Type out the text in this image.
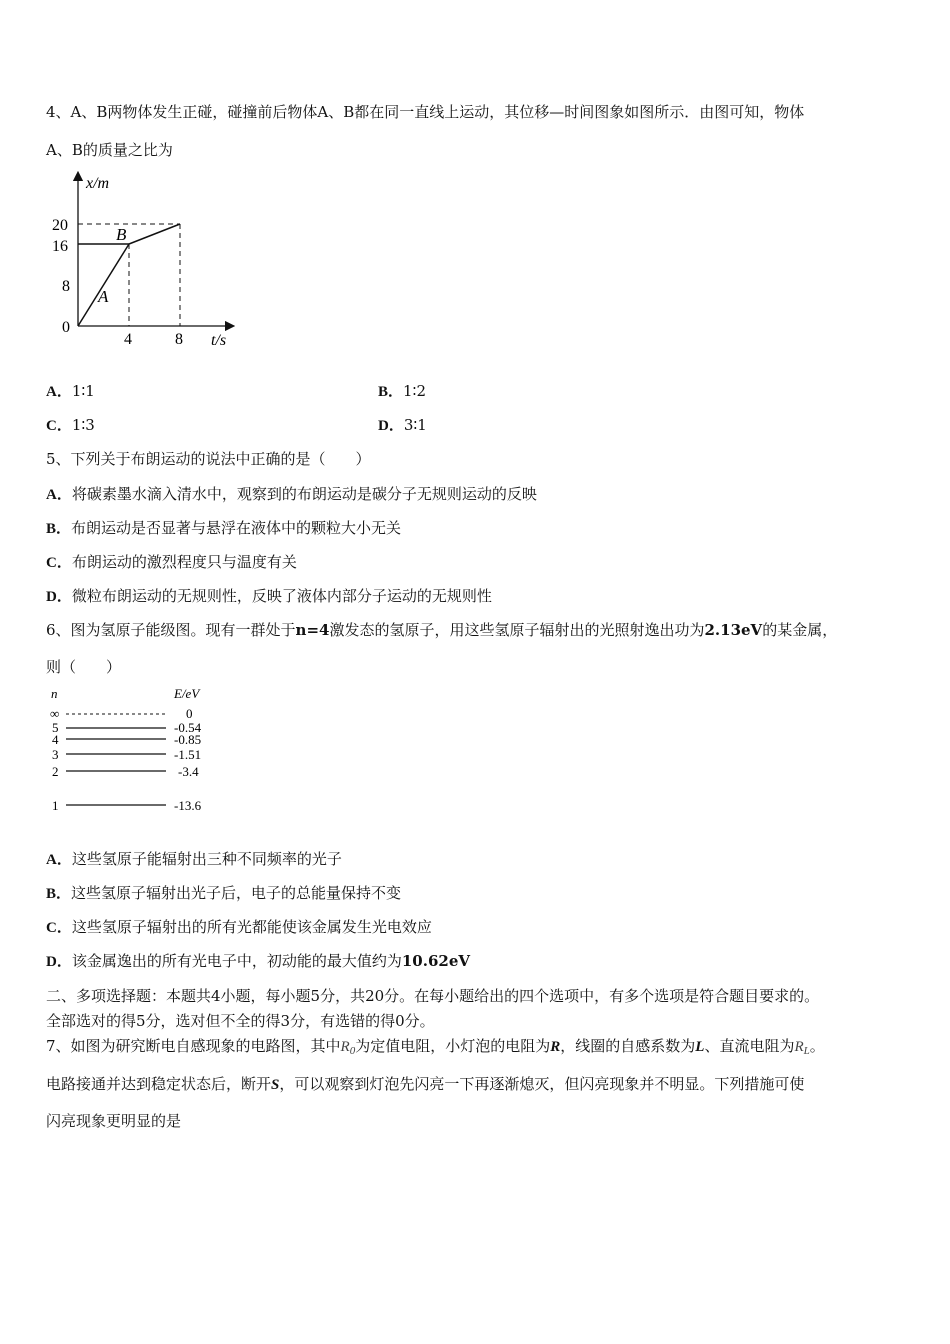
4、A、B两物体发生正碰，碰撞前后物体A、B都在同一直线上运动，其位移—时间图象如图所示．由图可知，物体
A、B的质量之比为
x/m
t/s
0
20
16
8
4	8
A
B
A．1∶1	B．1∶2
C．1∶3	D．3∶1
5、下列关于布朗运动的说法中正确的是（　　）
A．将碳素墨水滴入清水中，观察到的布朗运动是碳分子无规则运动的反映
B．布朗运动是否显著与悬浮在液体中的颗粒大小无关
C．布朗运动的激烈程度只与温度有关
D．微粒布朗运动的无规则性，反映了液体内部分子运动的无规则性
6、图为氢原子能级图。现有一群处于n=4激发态的氢原子，用这些氢原子辐射出的光照射逸出功为2.13eV的某金属，
则（　　）
n	E/eV
∞	0
5	-0.54
4	-0.85
3	-1.51
2	-3.4
1	-13.6
A．这些氢原子能辐射出三种不同频率的光子
B．这些氢原子辐射出光子后，电子的总能量保持不变
C．这些氢原子辐射出的所有光都能使该金属发生光电效应
D．该金属逸出的所有光电子中，初动能的最大值约为10.62eV
二、多项选择题：本题共4小题，每小题5分，共20分。在每小题给出的四个选项中，有多个选项是符合题目要求的。
全部选对的得5分，选对但不全的得3分，有选错的得0分。
7、如图为研究断电自感现象的电路图，其中$R_0$为定值电阻，小灯泡的电阻为R，线圈的自感系数为L、直流电阻为$R_L$。
电路接通并达到稳定状态后，断开S，可以观察到灯泡先闪亮一下再逐渐熄灭，但闪亮现象并不明显。下列措施可使
闪亮现象更明显的是
